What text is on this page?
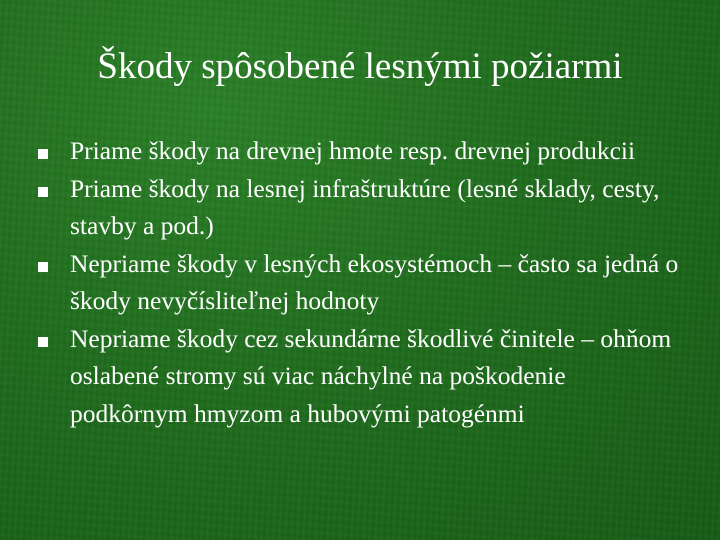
Škody spôsobené lesnými požiarmi
Priame škody na drevnej hmote resp. drevnej produkcii
Priame škody na lesnej infraštruktúre (lesné sklady, cesty, stavby a pod.)
Nepriame škody v lesných ekosystémoch – často sa jedná o škody nevyčísliteľnej hodnoty
Nepriame škody cez sekundárne škodlivé činitele – ohňom oslabené stromy sú viac náchylné na poškodenie podkôrnym hmyzom a hubovými patogénmi
